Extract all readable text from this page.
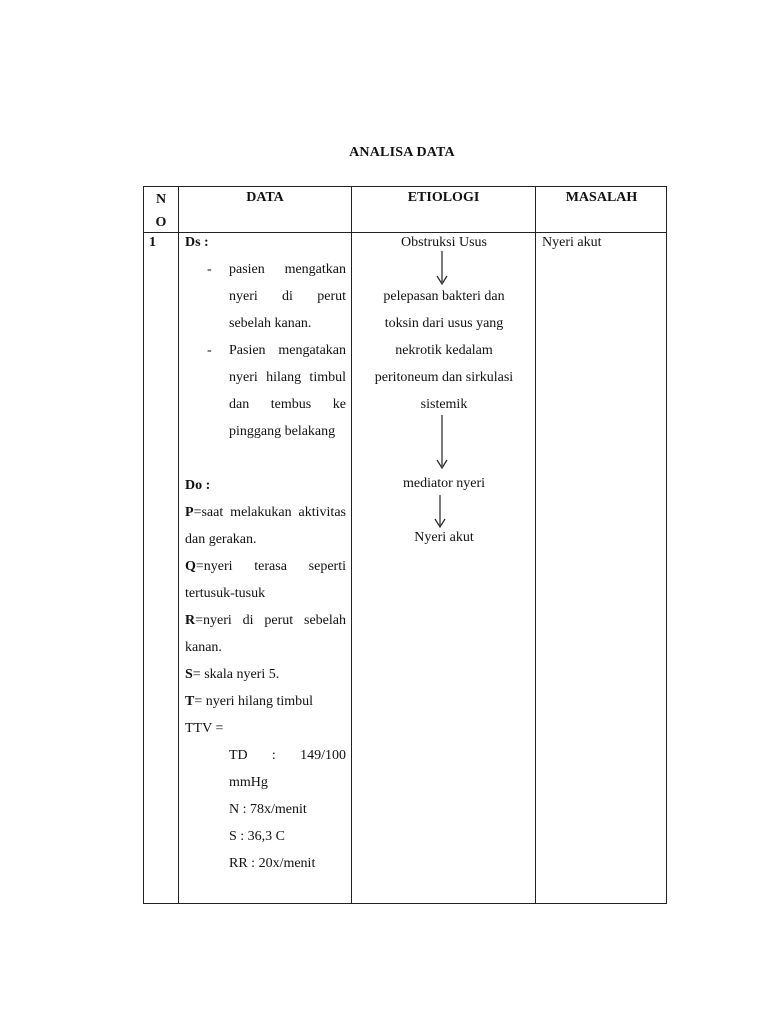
ANALISA DATA
N
O
DATA	ETIOLOGI	MASALAH
1 Ds :
- pasien mengatkan nyeri di perut sebelah kanan.
- Pasien mengatakan nyeri hilang timbul dan tembus ke pinggang belakang
Do :
P=saat melakukan aktivitas dan gerakan.
Q=nyeri terasa seperti tertusuk-tusuk
R=nyeri di perut sebelah kanan.
S= skala nyeri 5.
T= nyeri hilang timbul
TTV =
TD : 149/100 mmHg
N : 78x/menit
S : 36,3 C
RR : 20x/menit
Obstruksi Usus
pelepasan bakteri dan toksin dari usus yang nekrotik kedalam peritoneum dan sirkulasi sistemik
mediator nyeri
Nyeri akut
Nyeri akut
